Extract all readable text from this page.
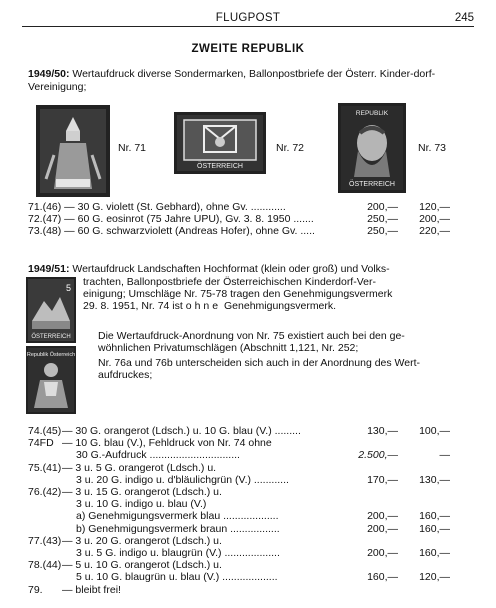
FLUGPOST	245
ZWEITE REPUBLIK
1949/50: Wertaufdruck diverse Sondermarken, Ballonpostbriefe der Österr. Kinder-dorf-Vereinigung;
Nr. 71
ÖSTERREICH
Nr. 72
REPUBLIK
ÖSTERREICH
Nr. 73
71.(46) — 30 G. violett (St. Gebhard), ohne Gv. ............	200,— 120,—
72.(47) — 60 G. eosinrot (75 Jahre UPU), Gv. 3. 8. 1950 .......	250,— 200,—
73.(48) — 60 G. schwarzviolett (Andreas Hofer), ohne Gv. .....	250,— 220,—
1949/51: Wertaufdruck Landschaften Hochformat (klein oder groß) und Volks-
trachten, Ballonpostbriefe der Österreichischen Kinderdorf-Ver-
einigung; Umschläge Nr. 75-78 tragen den Genehmigungsvermerk
29. 8. 1951, Nr. 74 ist ohne Genehmigungsvermerk.
5
ÖSTERREICH
Republik Österreich
Die Wertaufdruck-Anordnung von Nr. 75 existiert auch bei den ge-
wöhnlichen Privatumschlägen (Abschnitt 1,121, Nr. 252;
Nr. 76a und 76b unterscheiden sich auch in der Anordnung des Wert-
aufdruckes;
74.(45) — 30 G. orangerot (Ldsch.) u. 10 G. blau (V.) .........	130,— 100,—
74FD — 10 G. blau (V.), Fehldruck von Nr. 74 ohne
30 G.-Aufdruck ...............................	2.500,—	—
75.(41) — 3 u. 5 G. orangerot (Ldsch.) u.
3 u. 20 G. indigo u. d'bläulichgrün (V.) ............	170,— 130,—
76.(42) — 3 u. 15 G. orangerot (Ldsch.) u.
3 u. 10 G. indigo u. blau (V.)
a) Genehmigungsvermerk blau ...................	200,— 160,—
b) Genehmigungsvermerk braun .................	200,— 160,—
77.(43) — 3 u. 20 G. orangerot (Ldsch.) u.
3 u. 5 G. indigo u. blaugrün (V.) ...................	200,— 160,—
78.(44) — 5 u. 10 G. orangerot (Ldsch.) u.
5 u. 10 G. blaugrün u. blau (V.) ...................	160,— 120,—
79. — bleibt frei!
